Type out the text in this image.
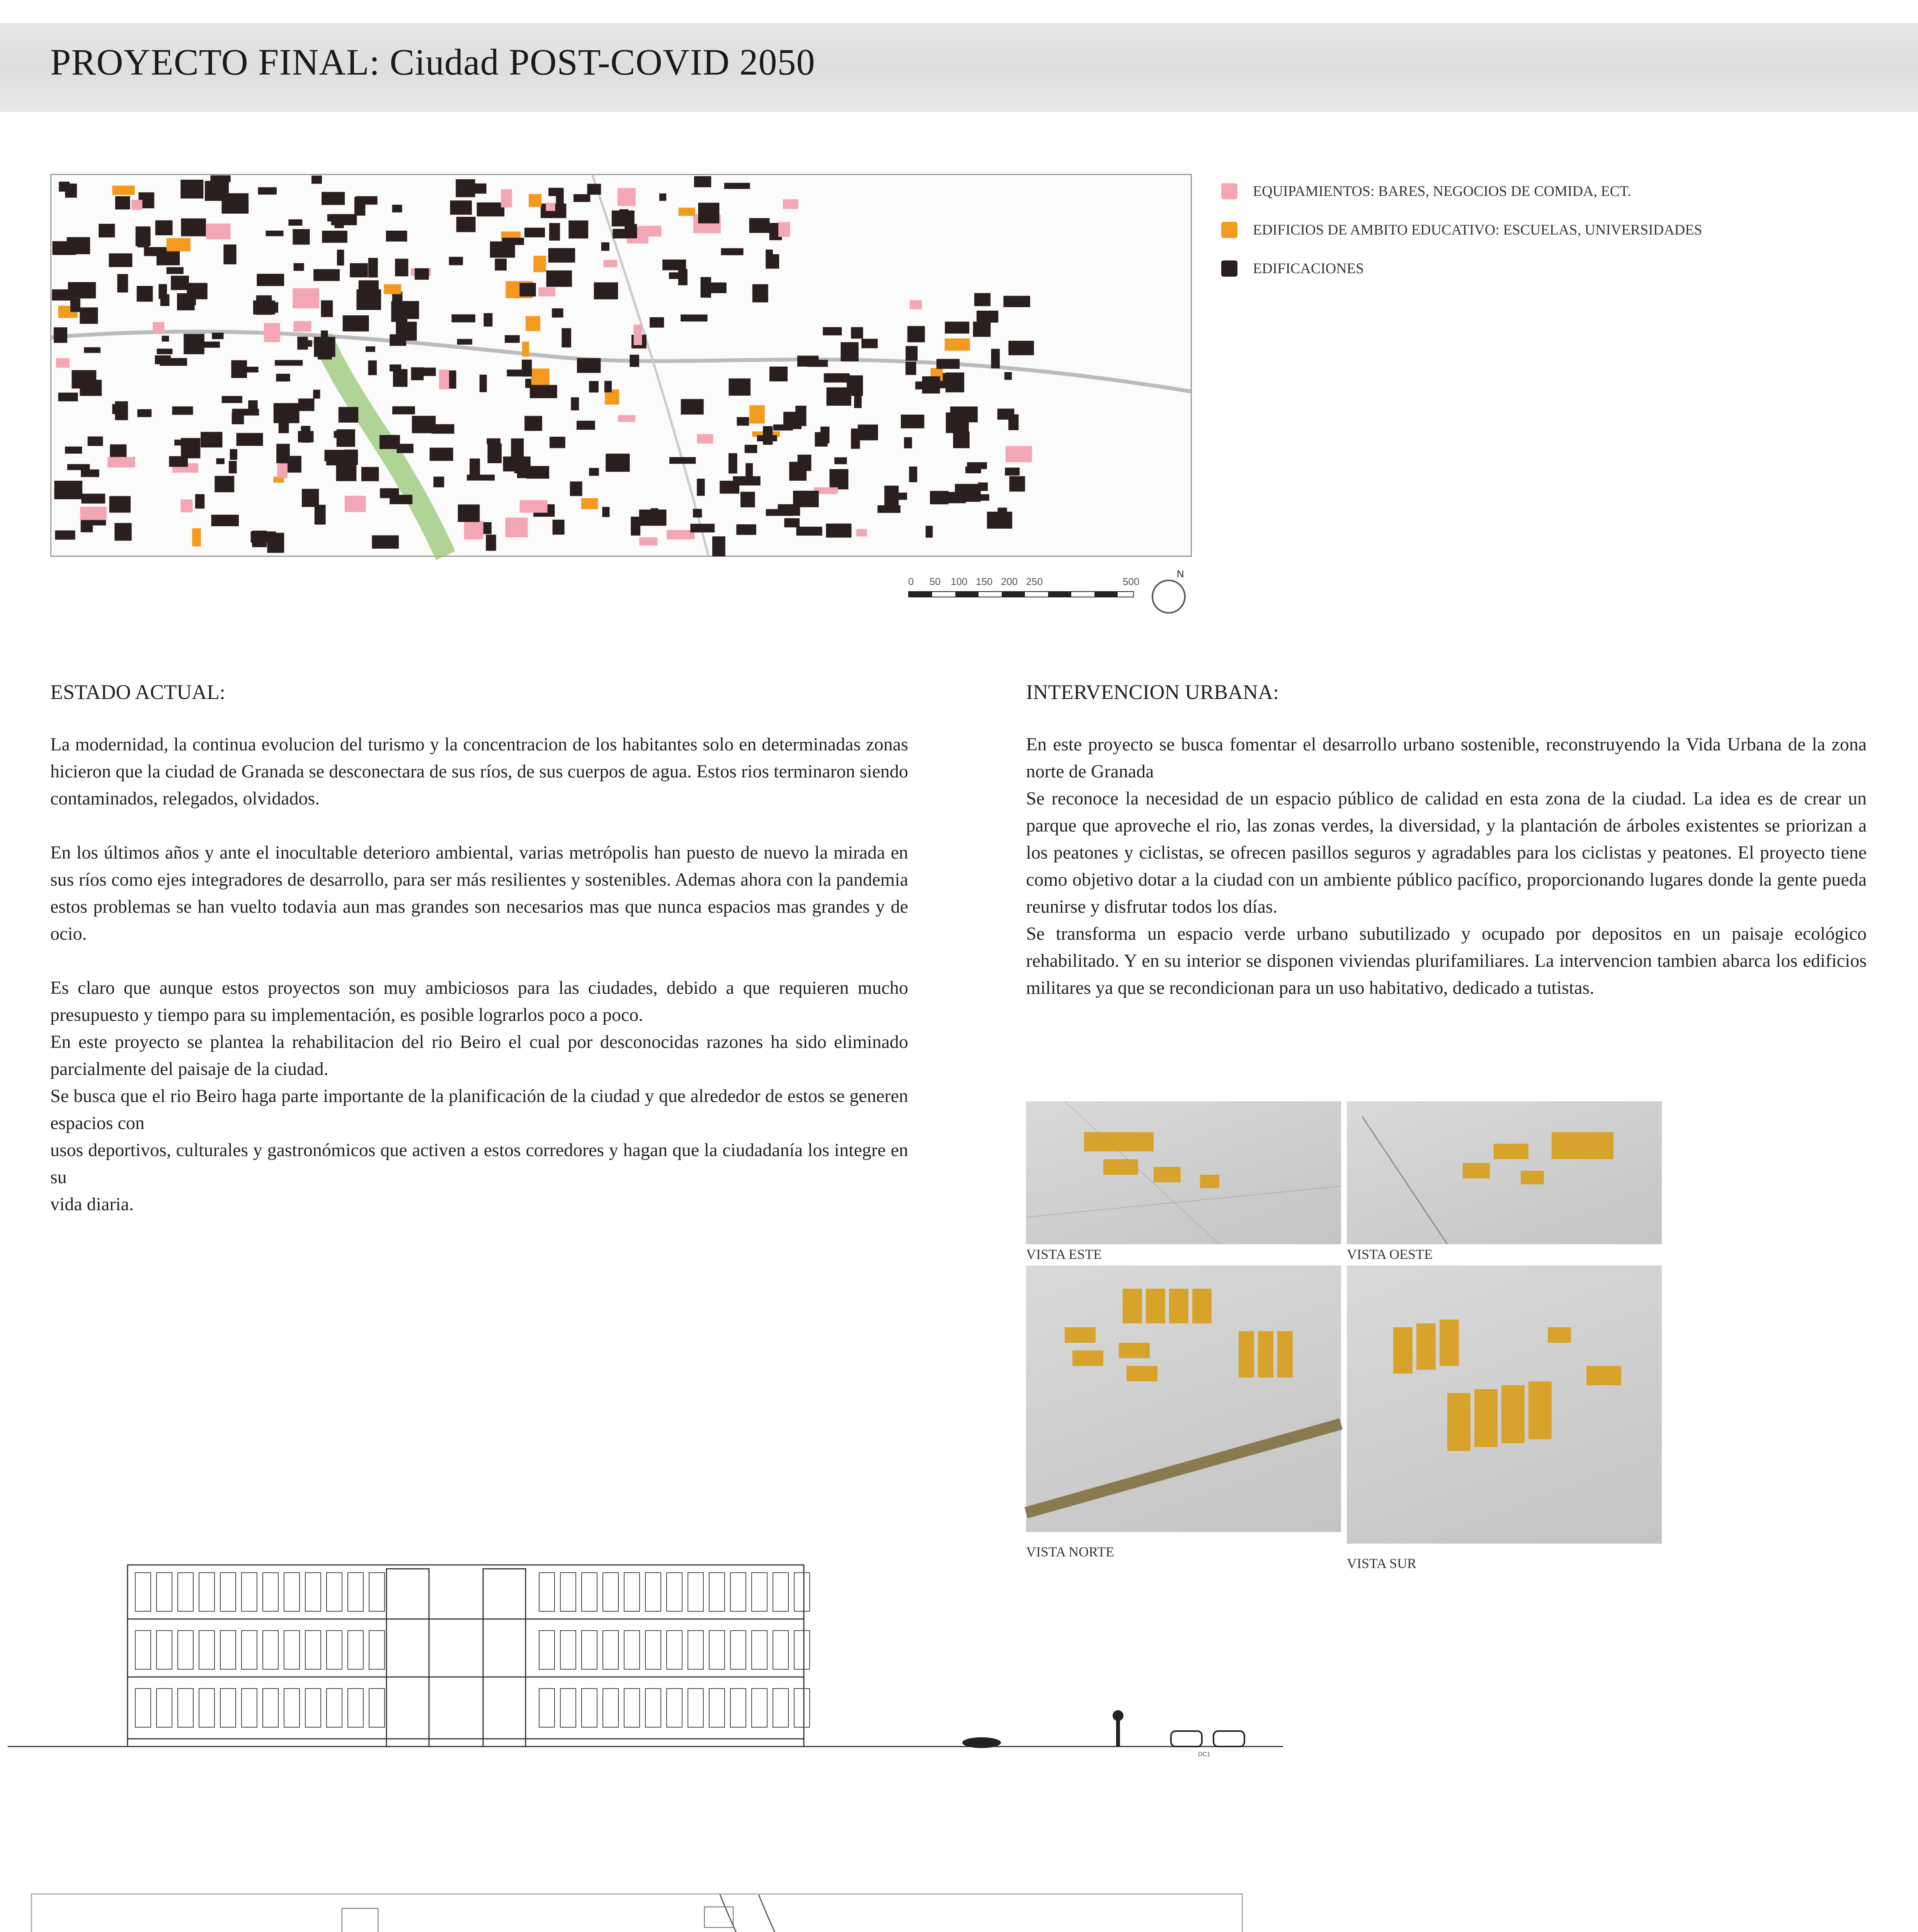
PROYECTO FINAL: Ciudad POST-COVID 2050
EQUIPAMIENTOS: BARES, NEGOCIOS DE COMIDA, ECT.
EDIFICIOS DE AMBITO EDUCATIVO: ESCUELAS, UNIVERSIDADES
EDIFICACIONES
0 50 100 150 200 250	500
N
ESTADO ACTUAL:

La modernidad, la continua evolucion del turismo y la concentracion de los habitantes solo en determinadas zonas hicieron que la ciudad de Granada se desconectara de sus ríos, de sus cuerpos de agua. Estos rios terminaron siendo contaminados, relegados, olvidados.

En los últimos años y ante el inocultable deterioro ambiental, varias metrópolis han puesto de nuevo la mirada en sus ríos como ejes integradores de desarrollo, para ser más resilientes y sostenibles. Ademas ahora con la pandemia estos problemas se han vuelto todavia aun mas grandes son necesarios mas que nunca espacios mas grandes y de ocio.

Es claro que aunque estos proyectos son muy ambiciosos para las ciudades, debido a que requieren mucho presupuesto y tiempo para su implementación, es posible lograrlos poco a poco.
En este proyecto se plantea la rehabilitacion del rio Beiro el cual por desconocidas razones ha sido eliminado parcialmente del paisaje de la ciudad.
Se busca que el rio Beiro haga parte importante de la planificación de la ciudad y que alrededor de estos se generen espacios con
usos deportivos, culturales y gastronómicos que activen a estos corredores y hagan que la ciudadanía los integre en su
vida diaria.

INTERVENCION URBANA:

En este proyecto se busca fomentar el desarrollo urbano sostenible, reconstruyendo la Vida Urbana de la zona norte de Granada
Se reconoce la necesidad de un espacio público de calidad en esta zona de la ciudad. La idea es de crear un parque que aproveche el rio, las zonas verdes, la diversidad, y la plantación de árboles existentes se priorizan a los peatones y ciclistas, se ofrecen pasillos seguros y agradables para los ciclistas y peatones. El proyecto tiene como objetivo dotar a la ciudad con un ambiente público pacífico, proporcionando lugares donde la gente pueda reunirse y disfrutar todos los días.
Se transforma un espacio verde urbano subutilizado y ocupado por depositos en un paisaje ecológico rehabilitado. Y en su interior se disponen viviendas plurifamiliares. La intervencion tambien abarca los edificios militares ya que se recondicionan para un uso habitativo, dedicado a tutistas.

VISTA ESTE	VISTA OESTE
VISTA NORTE
VISTA SUR
DC1
